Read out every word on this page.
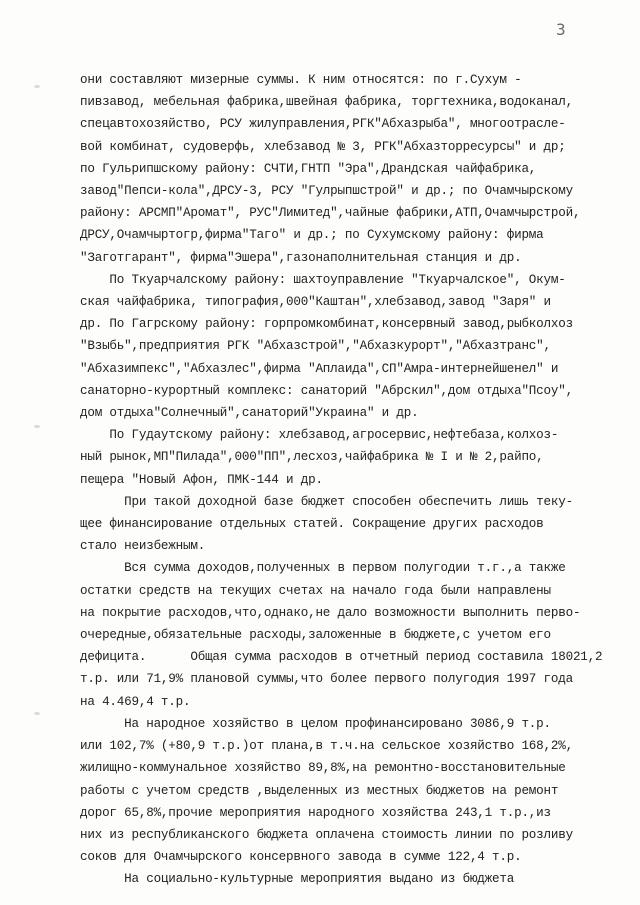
3
они составляют мизерные суммы. К ним относятся: по г.Сухум -
пивзавод, мебельная фабрика,швейная фабрика, торгтехника,водоканал,
спецавтохозяйство, РСУ жилуправления,РГК"Абхазрыба", многоотрасле-
вой комбинат, судоверфь, хлебзавод № 3, РГК"Абхазторресурсы" и др;
по Гульрипшскому району: СЧТИ,ГНТП "Эра",Драндская чайфабрика,
завод"Пепси-кола",ДРСУ-3, РСУ "Гулрыпшстрой" и др.; по Очамчырскому
району: АРСМП"Аромат", РУС"Лимитед",чайные фабрики,АТП,Очамчырстрой,
ДРСУ,Очамчыртогр,фирма"Таго" и др.; по Сухумскому району: фирма
"Заготгарант", фирма"Эшера",газонаполнительная станция и др.
По Ткуарчалскому району: шахтоуправление "Ткуарчалское", Окум-
ская чайфабрика, типография,000"Каштан",хлебзавод,завод "Заря" и
др. По Гагрскому району: горпромкомбинат,консервный завод,рыбколхоз
"Взыбь",предприятия РГК "Абхазстрой","Абхазкурорт","Абхазтранс",
"Абхазимпекс","Абхазлес",фирма "Аплаида",СП"Амра-интернейшенел" и
санаторно-курортный комплекс: санаторий "Абрскил",дом отдыха"Псоу",
дом отдыха"Солнечный",санаторий"Украина" и др.
По Гудаутскому району: хлебзавод,агросервис,нефтебаза,колхоз-
ный рынок,МП"Пилада",000"ПП",лесхоз,чайфабрика № I и № 2,райпо,
пещера "Новый Афон, ПМК-144 и др.
При такой доходной базе бюджет способен обеспечить лишь теку-
щее финансирование отдельных статей. Сокращение других расходов
стало неизбежным.
Вся сумма доходов,полученных в первом полугодии т.г.,а также
остатки средств на текущих счетах на начало года были направлены
на покрытие расходов,что,однако,не дало возможности выполнить перво-
очередные,обязательные расходы,заложенные в бюджете,с учетом его
дефицита.      Общая сумма расходов в отчетный период составила 18021,2
т.р. или 71,9% плановой суммы,что более первого полугодия 1997 года
на 4.469,4 т.р.
На народное хозяйство в целом профинансировано 3086,9 т.р.
или 102,7% (+80,9 т.р.)от плана,в т.ч.на сельское хозяйство 168,2%,
жилищно-коммунальное хозяйство 89,8%,на ремонтно-восстановительные
работы с учетом средств ,выделенных из местных бюджетов на ремонт
дорог 65,8%,прочие мероприятия народного хозяйства 243,1 т.р.,из
них из республиканского бюджета оплачена стоимость линии по розливу
соков для Очамчырского консервного завода в сумме 122,4 т.р.
На социально-культурные мероприятия выдано из бюджета
